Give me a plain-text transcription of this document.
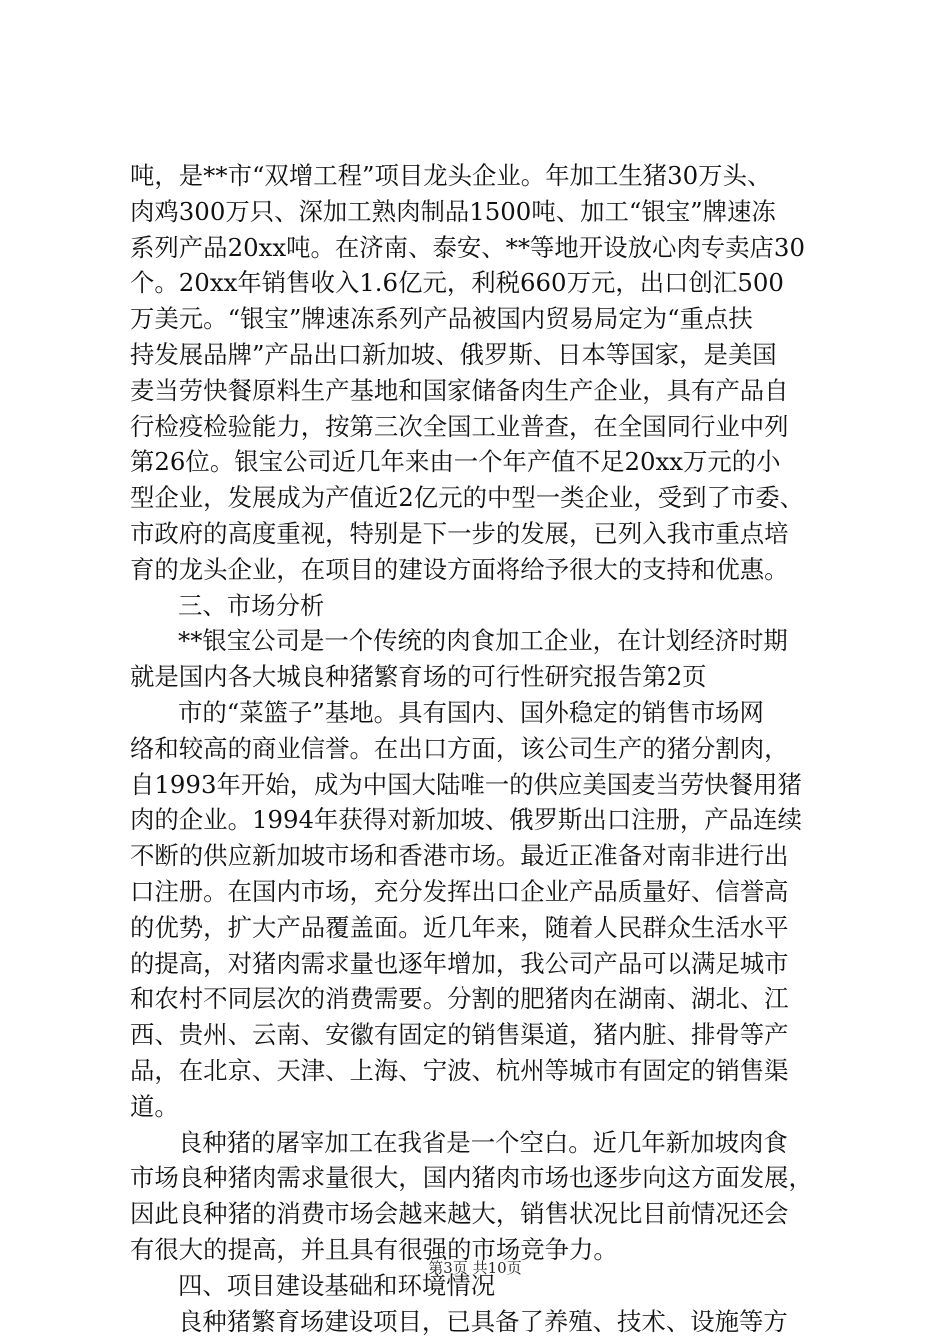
吨，是**市“双增工程”项目龙头企业。年加工生猪30万头、
肉鸡300万只、深加工熟肉制品1500吨、加工“银宝”牌速冻
系列产品20xx吨。在济南、泰安、**等地开设放心肉专卖店30
个。20xx年销售收入1.6亿元，利税660万元，出口创汇500
万美元。“银宝”牌速冻系列产品被国内贸易局定为“重点扶
持发展品牌”产品出口新加坡、俄罗斯、日本等国家，是美国
麦当劳快餐原料生产基地和国家储备肉生产企业，具有产品自
行检疫检验能力，按第三次全国工业普查，在全国同行业中列
第26位。银宝公司近几年来由一个年产值不足20xx万元的小
型企业，发展成为产值近2亿元的中型一类企业，受到了市委、
市政府的高度重视，特别是下一步的发展，已列入我市重点培
育的龙头企业，在项目的建设方面将给予很大的支持和优惠。
三、市场分析
**银宝公司是一个传统的肉食加工企业，在计划经济时期
就是国内各大城良种猪繁育场的可行性研究报告第2页
市的“菜篮子”基地。具有国内、国外稳定的销售市场网
络和较高的商业信誉。在出口方面，该公司生产的猪分割肉，
自1993年开始，成为中国大陆唯一的供应美国麦当劳快餐用猪
肉的企业。1994年获得对新加坡、俄罗斯出口注册，产品连续
不断的供应新加坡市场和香港市场。最近正准备对南非进行出
口注册。在国内市场，充分发挥出口企业产品质量好、信誉高
的优势，扩大产品覆盖面。近几年来，随着人民群众生活水平
的提高，对猪肉需求量也逐年增加，我公司产品可以满足城市
和农村不同层次的消费需要。分割的肥猪肉在湖南、湖北、江
西、贵州、云南、安徽有固定的销售渠道，猪内脏、排骨等产
品，在北京、天津、上海、宁波、杭州等城市有固定的销售渠
道。
良种猪的屠宰加工在我省是一个空白。近几年新加坡肉食
市场良种猪肉需求量很大，国内猪肉市场也逐步向这方面发展，
因此良种猪的消费市场会越来越大，销售状况比目前情况还会
有很大的提高，并且具有很强的市场竞争力。
四、项目建设基础和环境情况
良种猪繁育场建设项目，已具备了养殖、技术、设施等方
第3页 共10页
